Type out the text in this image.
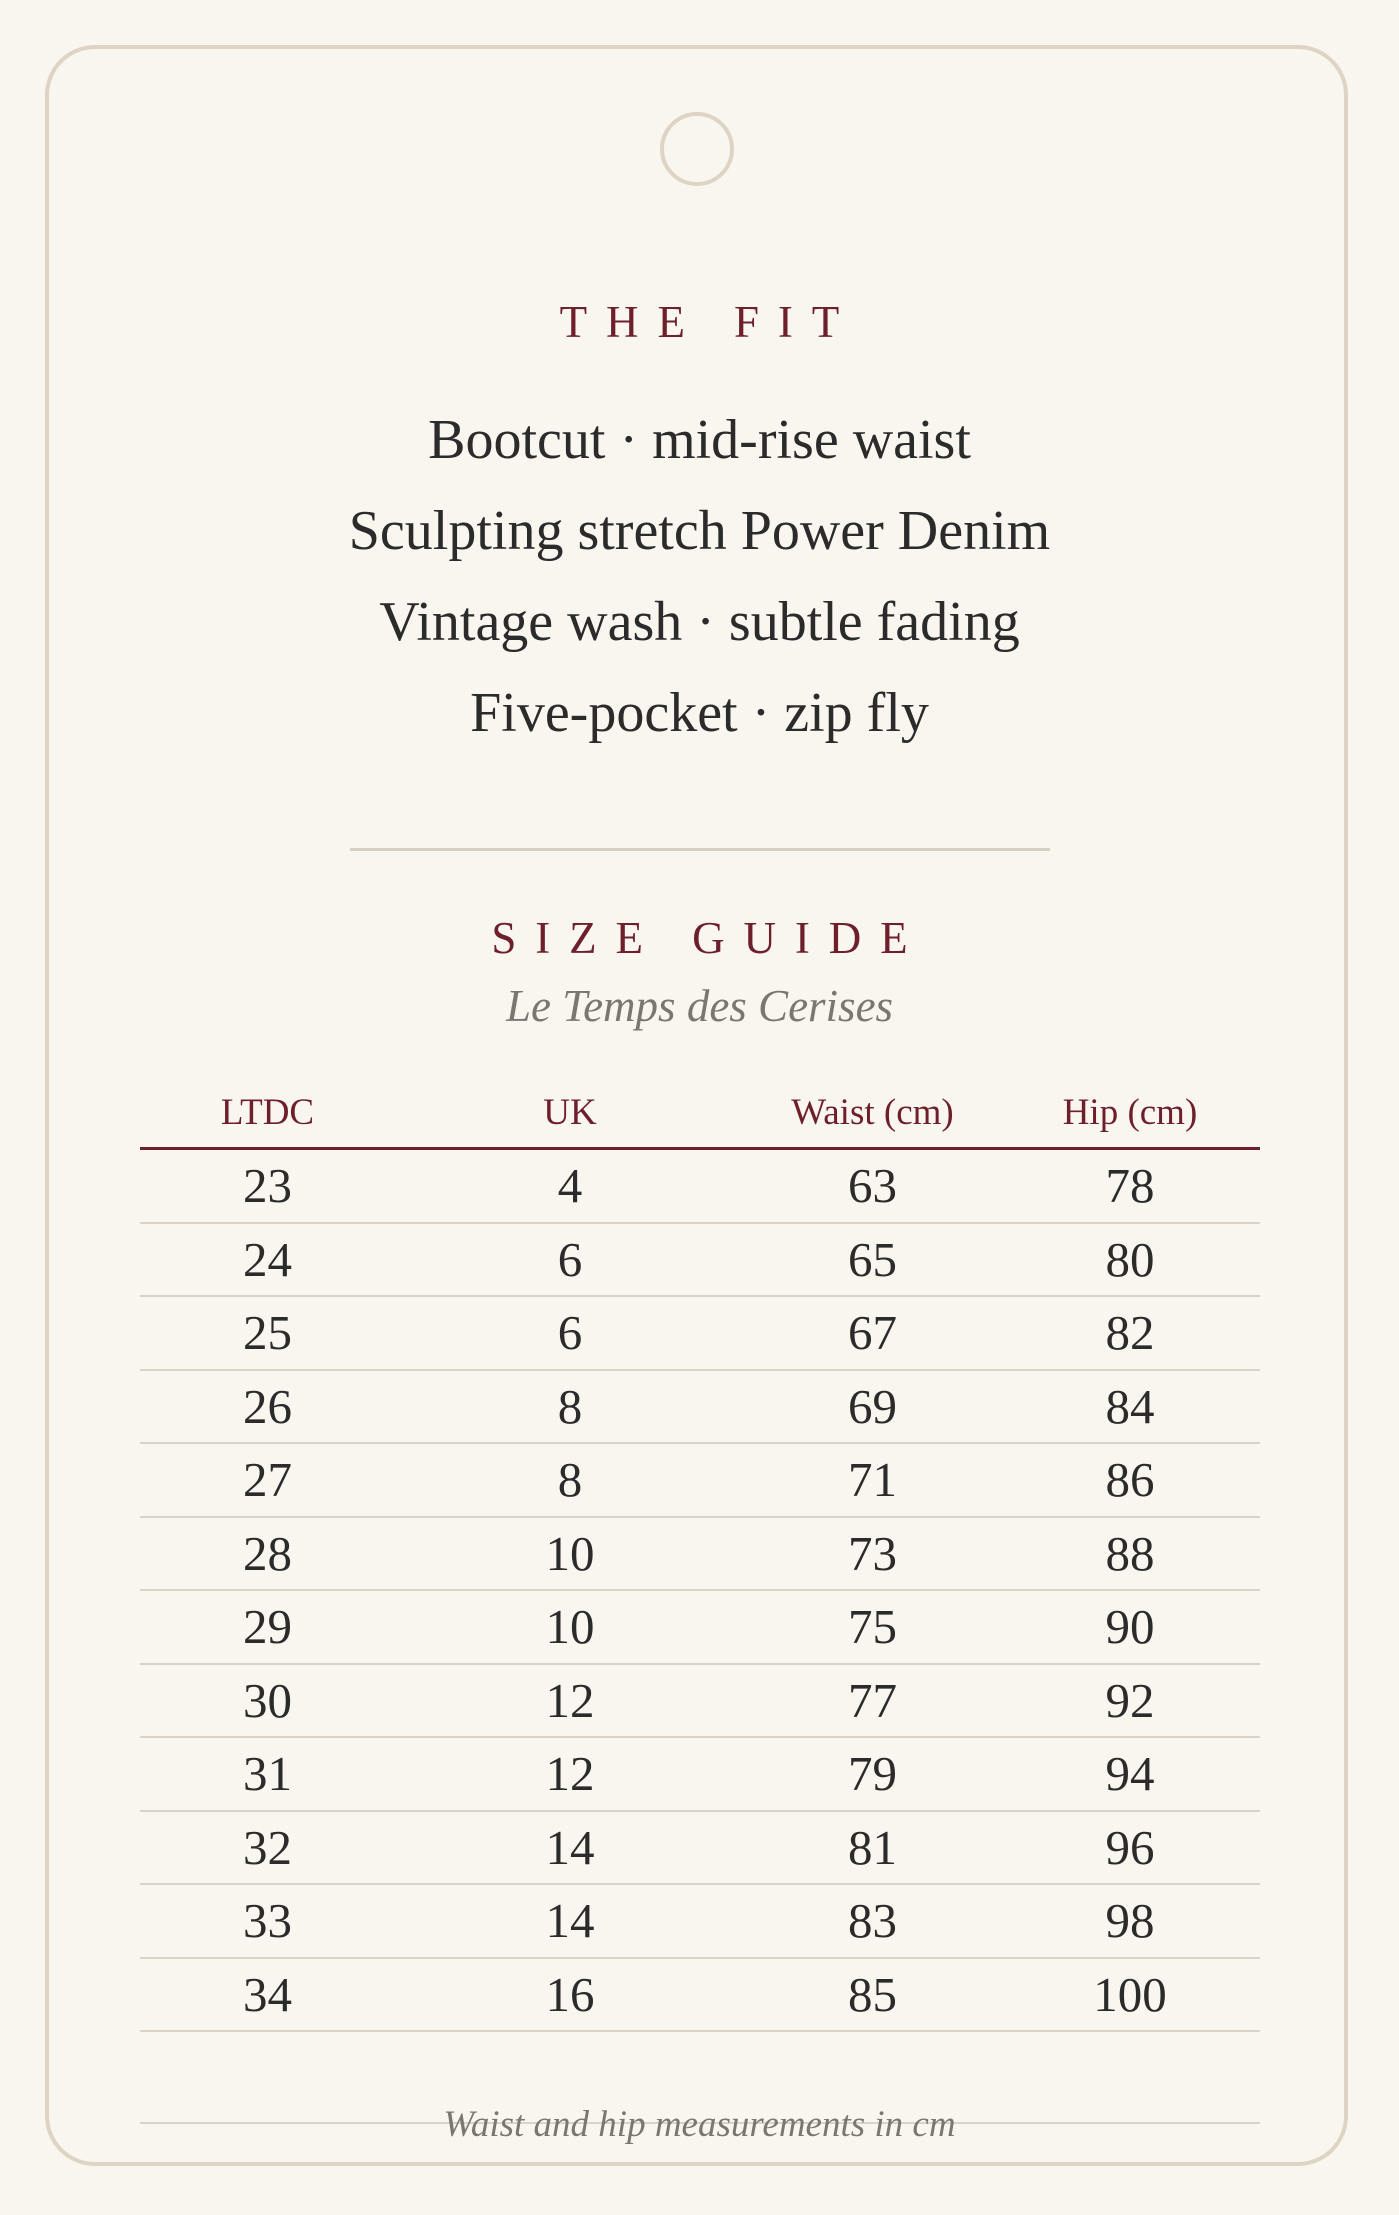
THE FIT
Bootcut · mid-rise waist
Sculpting stretch Power Denim
Vintage wash · subtle fading
Five-pocket · zip fly
SIZE GUIDE
Le Temps des Cerises
LTDC	UK	Waist (cm)	Hip (cm)
23	4	63	78
24	6	65	80
25	6	67	82
26	8	69	84
27	8	71	86
28	10	73	88
29	10	75	90
30	12	77	92
31	12	79	94
32	14	81	96
33	14	83	98
34	16	85	100
Waist and hip measurements in cm
